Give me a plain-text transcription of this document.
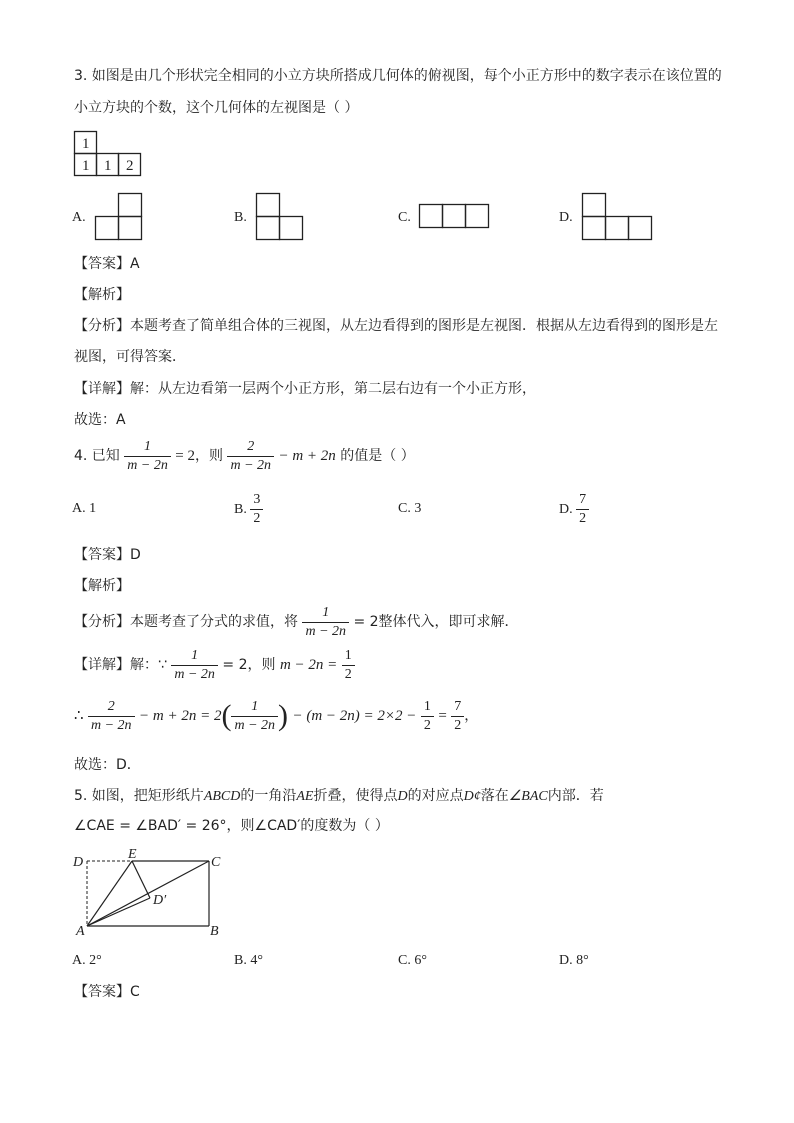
3. 如图是由几个形状完全相同的小立方块所搭成几何体的俯视图，每个小正方形中的数字表示在该位置的
小立方块的个数，这个几何体的左视图是（ ）
1
1 1 2
A.	B.	C.	D.
【答案】A
【解析】
【分析】本题考查了简单组合体的三视图，从左边看得到的图形是左视图．根据从左边看得到的图形是左
视图，可得答案．
【详解】解：从左边看第一层两个小正方形，第二层右边有一个小正方形，
故选：A
4. 已知 $\frac{1}{m - 2n} = 2$，则 $\frac{2}{m - 2n} - m + 2n$ 的值是（ ）
A. 1	B. $\frac{3}{2}$	C. 3	D. $\frac{7}{2}$
【答案】D
【解析】
【分析】本题考查了分式的求值，将 $\frac{1}{m - 2n} = 2$整体代入，即可求解．
【详解】解：∵ $\frac{1}{m - 2n} = 2$，则 $m - 2n = \frac{1}{2}$
∴ $\frac{2}{m - 2n} - m + 2n = 2( \frac{1}{m - 2n}$ ) − $(m - 2n) = 2\times 2 - \frac{1}{2} = \frac{7}{2}$ ，
故选：D．
5. 如图，把矩形纸片ABCD的一角沿AE折叠，使得点D的对应点D¢落在∠BAC内部．若
∠CAE = ∠BAD′ = 26°，则∠CAD′的度数为（ ）
D
E
C
D′
A	B
A. 2°	B. 4°	C. 6°	D. 8°
【答案】C
